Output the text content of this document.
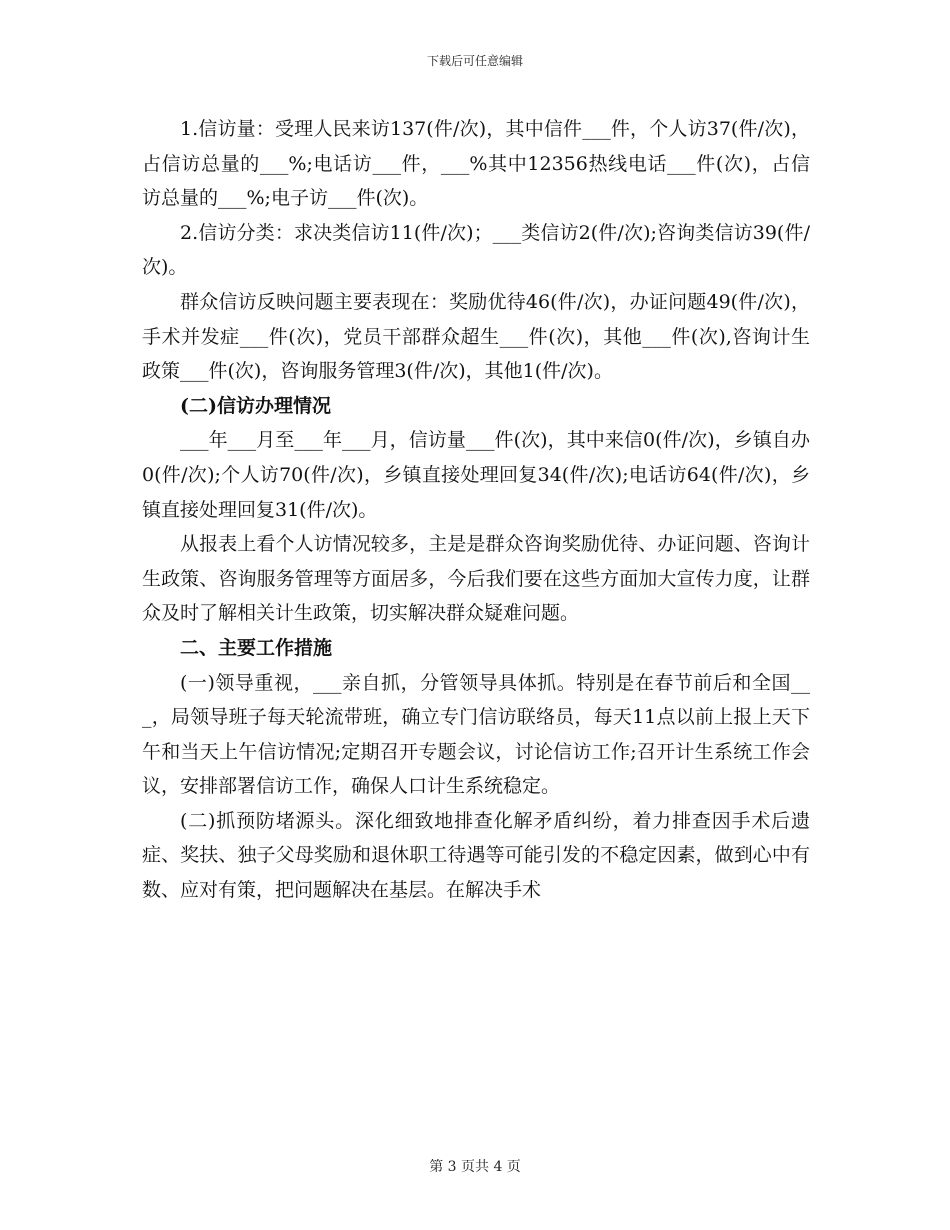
下载后可任意编辑

1.信访量：受理人民来访137(件/次)，其中信件___件，个人访37(件/次)，占信访总量的___%;电话访___件，___%其中12356热线电话___件(次)，占信访总量的___%;电子访___件(次)。

2.信访分类：求决类信访11(件/次)；___类信访2(件/次);咨询类信访39(件/次)。

群众信访反映问题主要表现在：奖励优待46(件/次)，办证问题49(件/次)，手术并发症___件(次)，党员干部群众超生___件(次)，其他___件(次),咨询计生政策___件(次)，咨询服务管理3(件/次)，其他1(件/次)。

(二)信访办理情况

___年___月至___年___月，信访量___件(次)，其中来信0(件/次)，乡镇自办0(件/次);个人访70(件/次)，乡镇直接处理回复34(件/次);电话访64(件/次)，乡镇直接处理回复31(件/次)。

从报表上看个人访情况较多，主是是群众咨询奖励优待、办证问题、咨询计生政策、咨询服务管理等方面居多，今后我们要在这些方面加大宣传力度，让群众及时了解相关计生政策，切实解决群众疑难问题。

二、主要工作措施

(一)领导重视，___亲自抓，分管领导具体抓。特别是在春节前后和全国___，局领导班子每天轮流带班，确立专门信访联络员，每天11点以前上报上天下午和当天上午信访情况;定期召开专题会议，讨论信访工作;召开计生系统工作会议，安排部署信访工作，确保人口计生系统稳定。

(二)抓预防堵源头。深化细致地排查化解矛盾纠纷，着力排查因手术后遗症、奖扶、独子父母奖励和退休职工待遇等可能引发的不稳定因素，做到心中有数、应对有策，把问题解决在基层。在解决手术

第 3 页共 4 页
